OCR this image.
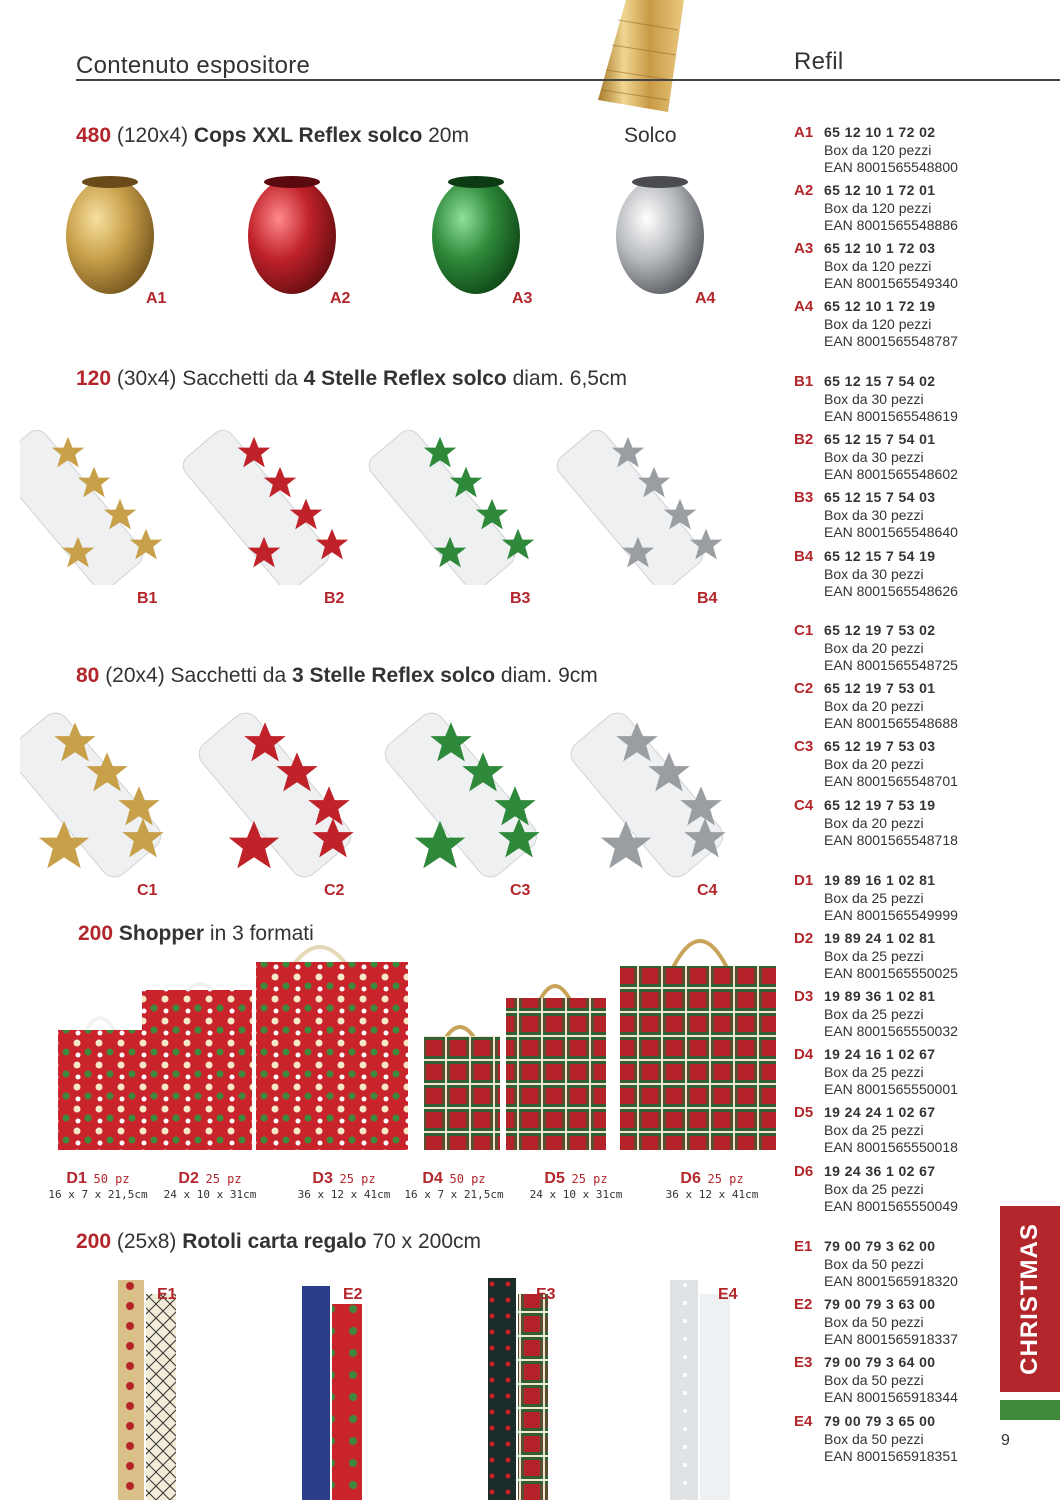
Contenuto espositore	Refil
480 (120x4) Cops XXL Reflex solco 20m	Solco
A1	A2	A3	A4
120 (30x4) Sacchetti da 4 Stelle Reflex solco diam. 6,5cm
B1	B2	B3	B4
80 (20x4) Sacchetti da 3 Stelle Reflex solco diam. 9cm
C1	C2	C3	C4
200 Shopper in 3 formati
D1 50 pz
16 x 7 x 21,5cm
D2 25 pz
24 x 10 x 31cm
D3 25 pz
36 x 12 x 41cm
D4 50 pz
16 x 7 x 21,5cm
D5 25 pz
24 x 10 x 31cm
D6 25 pz
36 x 12 x 41cm
200 (25x8) Rotoli carta regalo 70 x 200cm
E1	E2	E3	E4
A1 65 12 10 1 72 02
Box da 120 pezzi
EAN 8001565548800
A2 65 12 10 1 72 01
Box da 120 pezzi
EAN 8001565548886
A3 65 12 10 1 72 03
Box da 120 pezzi
EAN 8001565549340
A4 65 12 10 1 72 19
Box da 120 pezzi
EAN 8001565548787
B1 65 12 15 7 54 02
Box da 30 pezzi
EAN 8001565548619
B2 65 12 15 7 54 01
Box da 30 pezzi
EAN 8001565548602
B3 65 12 15 7 54 03
Box da 30 pezzi
EAN 8001565548640
B4 65 12 15 7 54 19
Box da 30 pezzi
EAN 8001565548626
C1 65 12 19 7 53 02
Box da 20 pezzi
EAN 8001565548725
C2 65 12 19 7 53 01
Box da 20 pezzi
EAN 8001565548688
C3 65 12 19 7 53 03
Box da 20 pezzi
EAN 8001565548701
C4 65 12 19 7 53 19
Box da 20 pezzi
EAN 8001565548718
D1 19 89 16 1 02 81
Box da 25 pezzi
EAN 8001565549999
D2 19 89 24 1 02 81
Box da 25 pezzi
EAN 8001565550025
D3 19 89 36 1 02 81
Box da 25 pezzi
EAN 8001565550032
D4 19 24 16 1 02 67
Box da 25 pezzi
EAN 8001565550001
D5 19 24 24 1 02 67
Box da 25 pezzi
EAN 8001565550018
D6 19 24 36 1 02 67
Box da 25 pezzi
EAN 8001565550049
E1 79 00 79 3 62 00
Box da 50 pezzi
EAN 8001565918320
E2 79 00 79 3 63 00
Box da 50 pezzi
EAN 8001565918337
E3 79 00 79 3 64 00
Box da 50 pezzi
EAN 8001565918344
E4 79 00 79 3 65 00
Box da 50 pezzi
EAN 8001565918351
CHRISTMAS
9
